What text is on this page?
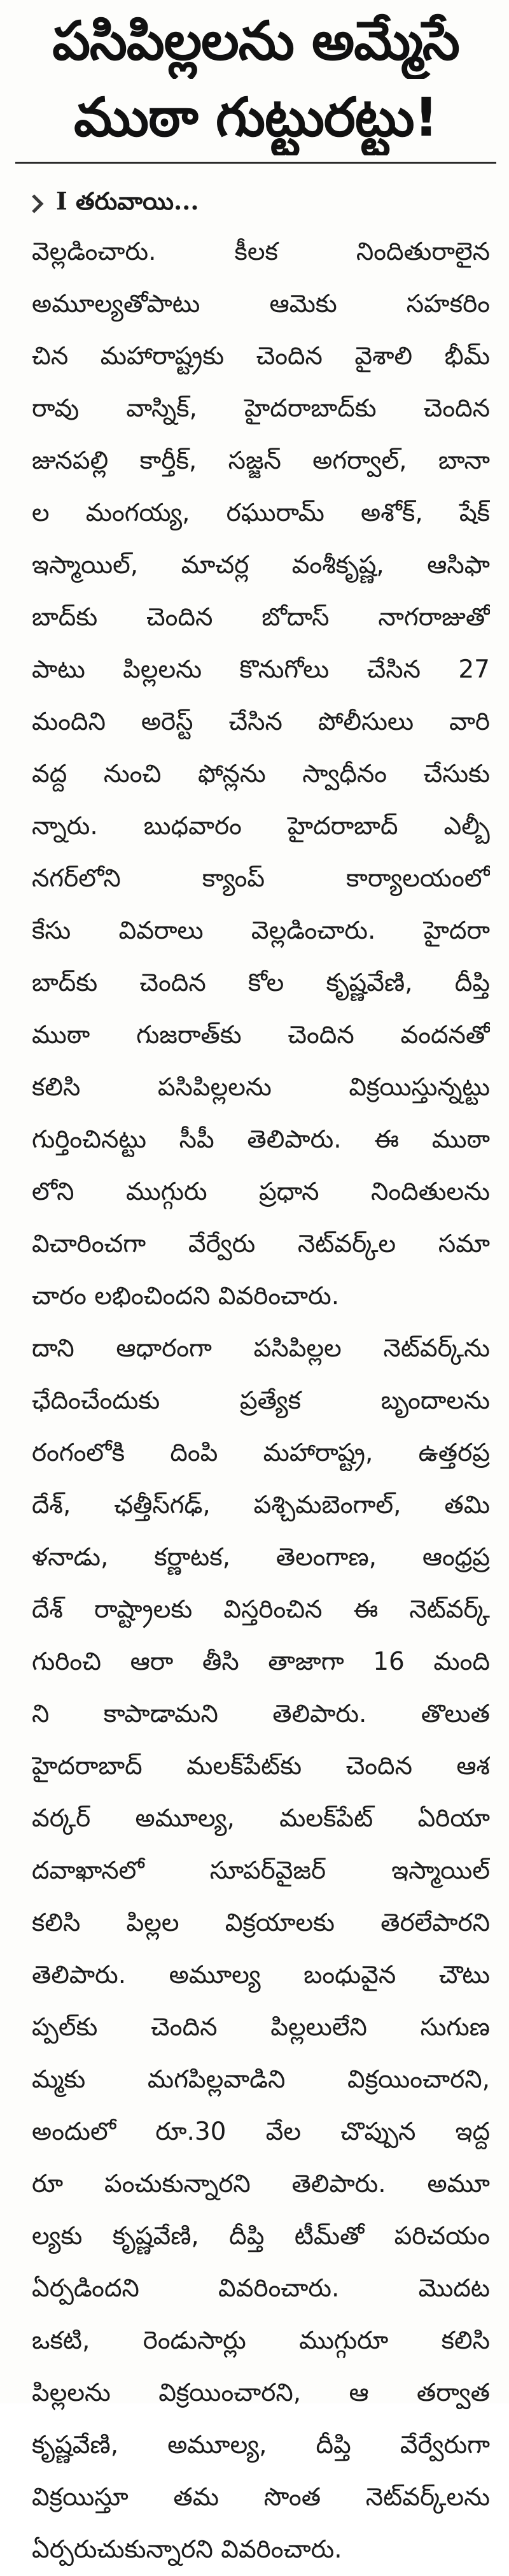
పసిపిల్లలను అమ్మేసే
ముఠా గుట్టురట్టు!
I తరువాయి...
వెల్లడించారు. కీలక నిందితురాలైన
అమూల్యతోపాటు ఆమెకు సహకరిం
చిన మహారాష్ట్రకు చెందిన వైశాలి భీమ్
రావు వాస్నిక్, హైదరాబాద్‌కు చెందిన
జునపల్లి కార్తీక్, సజ్జన్ అగర్వాల్, బానా
ల మంగయ్య, రఘురామ్ అశోక్, షేక్
ఇస్మాయిల్, మాచర్ల వంశీకృష్ణ, ఆసిఫా
బాద్‌కు చెందిన బోదాస్ నాగరాజుతో
పాటు పిల్లలను కొనుగోలు చేసిన 27
మందిని అరెస్ట్ చేసిన పోలీసులు వారి
వద్ద నుంచి ఫోన్లను స్వాధీనం చేసుకు
న్నారు. బుధవారం హైదరాబాద్ ఎల్బీ
నగర్‌లోని క్యాంప్ కార్యాలయంలో
కేసు వివరాలు వెల్లడించారు. హైదరా
బాద్‌కు చెందిన కోల కృష్ణవేణి, దీప్తి
ముఠా గుజరాత్‌కు చెందిన వందనతో
కలిసి పసిపిల్లలను విక్రయిస్తున్నట్టు
గుర్తించినట్టు సీపీ తెలిపారు. ఈ ముఠా
లోని ముగ్గురు ప్రధాన నిందితులను
విచారించగా వేర్వేరు నెట్‌వర్క్‌ల సమా
చారం లభించిందని వివరించారు.
దాని ఆధారంగా పసిపిల్లల నెట్‌వర్క్‌ను
ఛేదించేందుకు ప్రత్యేక బృందాలను
రంగంలోకి దింపి మహారాష్ట్ర, ఉత్తరప్ర
దేశ్, ఛత్తీస్‌గఢ్, పశ్చిమబెంగాల్, తమి
ళనాడు, కర్ణాటక, తెలంగాణ, ఆంధ్రప్ర
దేశ్ రాష్ట్రాలకు విస్తరించిన ఈ నెట్‌వర్క్
గురించి ఆరా తీసి తాజాగా 16 మంది
ని కాపాడామని తెలిపారు. తొలుత
హైదరాబాద్ మలక్‌పేట్‌కు చెందిన ఆశ
వర్కర్ అమూల్య, మలక్‌పేట్ ఏరియా
దవాఖానలో సూపర్‌వైజర్ ఇస్మాయిల్
కలిసి పిల్లల విక్రయాలకు తెరలేపారని
తెలిపారు. అమూల్య బంధువైన చౌటు
ప్పల్‌కు చెందిన పిల్లలులేని సుగుణ
మ్మకు మగపిల్లవాడిని విక్రయించారని,
అందులో రూ.30 వేల చొప్పున ఇద్ద
రూ పంచుకున్నారని తెలిపారు. అమూ
ల్యకు కృష్ణవేణి, దీప్తి టీమ్‌తో పరిచయం
ఏర్పడిందని వివరించారు. మొదట
ఒకటి, రెండుసార్లు ముగ్గురూ కలిసి
పిల్లలను విక్రయించారని, ఆ తర్వాత
కృష్ణవేణి, అమూల్య, దీప్తి వేర్వేరుగా
విక్రయిస్తూ తమ సొంత నెట్‌వర్క్‌లను
ఏర్పరుచుకున్నారని వివరించారు.
